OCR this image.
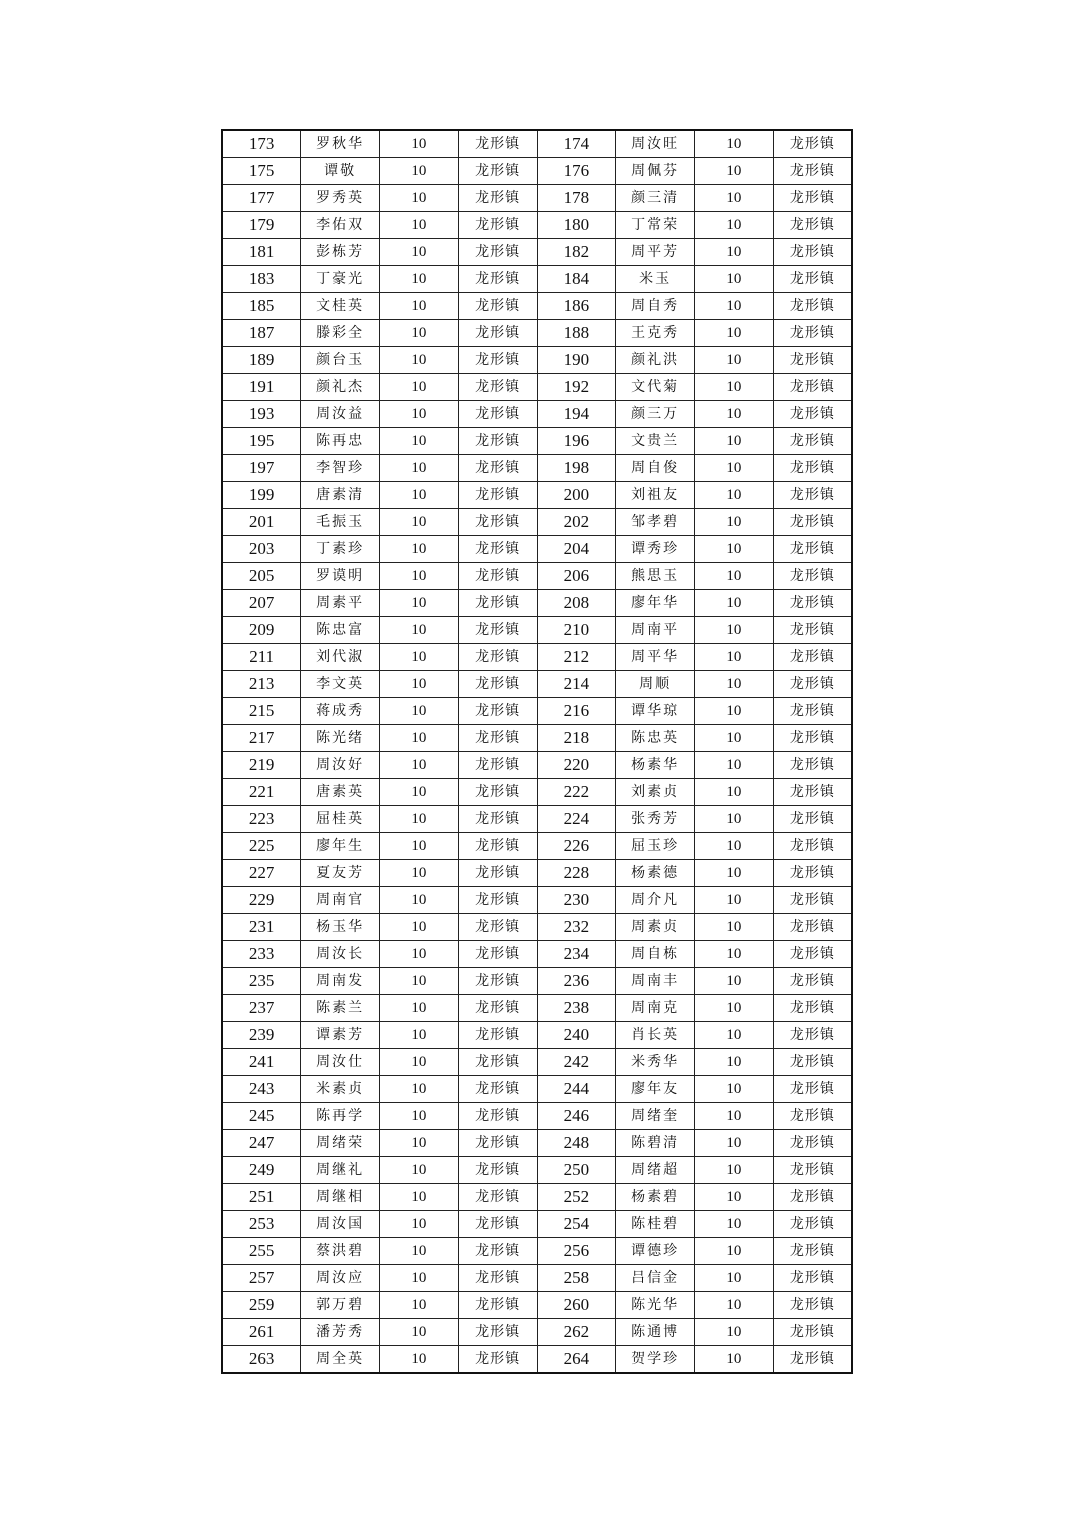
173	罗秋华	10	龙形镇	174	周汝旺	10	龙形镇
175	谭敬	10	龙形镇	176	周佩芬	10	龙形镇
177	罗秀英	10	龙形镇	178	颜三清	10	龙形镇
179	李佑双	10	龙形镇	180	丁常荣	10	龙形镇
181	彭栋芳	10	龙形镇	182	周平芳	10	龙形镇
183	丁豪光	10	龙形镇	184	米玉	10	龙形镇
185	文桂英	10	龙形镇	186	周自秀	10	龙形镇
187	滕彩全	10	龙形镇	188	王克秀	10	龙形镇
189	颜台玉	10	龙形镇	190	颜礼洪	10	龙形镇
191	颜礼杰	10	龙形镇	192	文代菊	10	龙形镇
193	周汝益	10	龙形镇	194	颜三万	10	龙形镇
195	陈再忠	10	龙形镇	196	文贵兰	10	龙形镇
197	李智珍	10	龙形镇	198	周自俊	10	龙形镇
199	唐素清	10	龙形镇	200	刘祖友	10	龙形镇
201	毛振玉	10	龙形镇	202	邹孝碧	10	龙形镇
203	丁素珍	10	龙形镇	204	谭秀珍	10	龙形镇
205	罗谟明	10	龙形镇	206	熊思玉	10	龙形镇
207	周素平	10	龙形镇	208	廖年华	10	龙形镇
209	陈忠富	10	龙形镇	210	周南平	10	龙形镇
211	刘代淑	10	龙形镇	212	周平华	10	龙形镇
213	李文英	10	龙形镇	214	周顺	10	龙形镇
215	蒋成秀	10	龙形镇	216	谭华琼	10	龙形镇
217	陈光绪	10	龙形镇	218	陈忠英	10	龙形镇
219	周汝好	10	龙形镇	220	杨素华	10	龙形镇
221	唐素英	10	龙形镇	222	刘素贞	10	龙形镇
223	屈桂英	10	龙形镇	224	张秀芳	10	龙形镇
225	廖年生	10	龙形镇	226	屈玉珍	10	龙形镇
227	夏友芳	10	龙形镇	228	杨素德	10	龙形镇
229	周南官	10	龙形镇	230	周介凡	10	龙形镇
231	杨玉华	10	龙形镇	232	周素贞	10	龙形镇
233	周汝长	10	龙形镇	234	周自栋	10	龙形镇
235	周南发	10	龙形镇	236	周南丰	10	龙形镇
237	陈素兰	10	龙形镇	238	周南克	10	龙形镇
239	谭素芳	10	龙形镇	240	肖长英	10	龙形镇
241	周汝仕	10	龙形镇	242	米秀华	10	龙形镇
243	米素贞	10	龙形镇	244	廖年友	10	龙形镇
245	陈再学	10	龙形镇	246	周绪奎	10	龙形镇
247	周绪荣	10	龙形镇	248	陈碧清	10	龙形镇
249	周继礼	10	龙形镇	250	周绪超	10	龙形镇
251	周继相	10	龙形镇	252	杨素碧	10	龙形镇
253	周汝国	10	龙形镇	254	陈桂碧	10	龙形镇
255	蔡洪碧	10	龙形镇	256	谭德珍	10	龙形镇
257	周汝应	10	龙形镇	258	吕信金	10	龙形镇
259	郭万碧	10	龙形镇	260	陈光华	10	龙形镇
261	潘芳秀	10	龙形镇	262	陈通博	10	龙形镇
263	周全英	10	龙形镇	264	贺学珍	10	龙形镇
